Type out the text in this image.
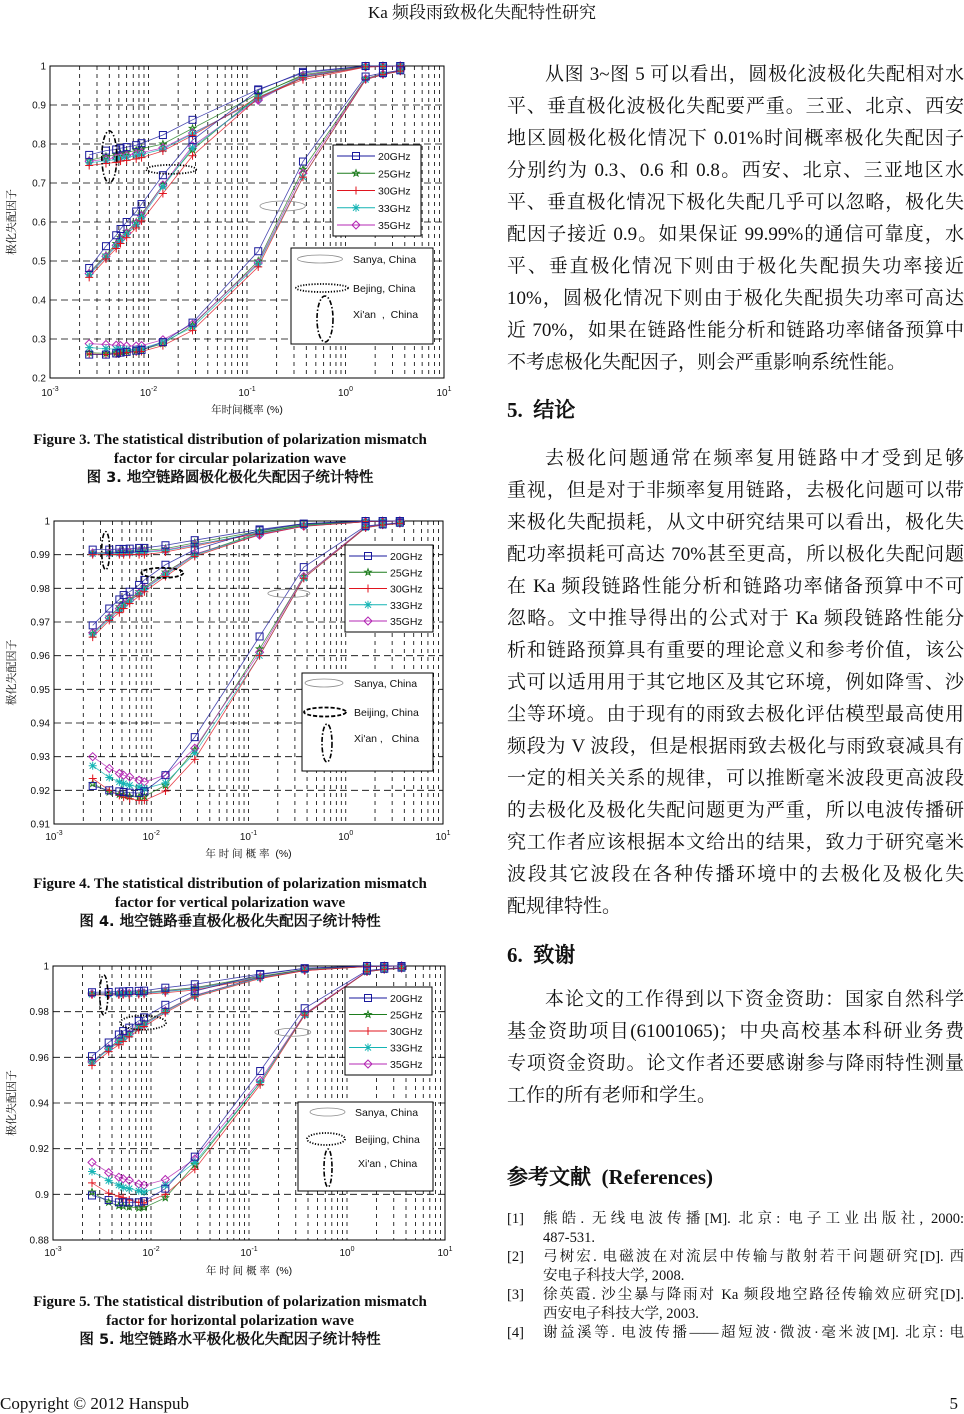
Ka 频段雨致极化失配特性研究
0.2
0.3
0.4
0.5
0.6
0.7
0.8
0.9
1
$10^{-3}$	$10^{-2}$	$10^{-1}$	$10^0$	$10^1$
年时间概率 (%)
极化失配因子
20GHz
25GHz
30GHz
33GHz
35GHz
Sanya, China
Bejing, China
Xi'an  ,  China
Figure 3. The statistical distribution of polarization mismatch
factor for circular polarization wave
图 3. 地空链路圆极化极化失配因子统计特性
0.91
0.92
0.93
0.94
0.95
0.96
0.97
0.98
0.99
1
$10^{-3}$	$10^{-2}$	$10^{-1}$	$10^0$	$10^1$
年 时 间 概 率  (%)
极化失配因子
20GHz
25GHz
30GHz
33GHz
35GHz
Sanya, China
Beijing, China
Xi'an ,   China
Figure 4. The statistical distribution of polarization mismatch
factor for vertical polarization wave
图 4. 地空链路垂直极化极化失配因子统计特性
0.88
0.9
0.92
0.94
0.96
0.98
1
$10^{-3}$	$10^{-2}$	$10^{-1}$	$10^0$	$10^1$
年 时 间 概 率  (%)
极化失配因子
20GHz
25GHz
30GHz
33GHz
35GHz
Sanya, China
Beijing, China
Xi'an , China
Figure 5. The statistical distribution of polarization mismatch
factor for horizontal polarization wave
图 5. 地空链路水平极化极化失配因子统计特性
从图 3~图 5 可以看出，圆极化波极化失配相对水
平、垂直极化波极化失配要严重。三亚、北京、西安
地区圆极化极化情况下 0.01%时间概率极化失配因子
分别约为 0.3、0.6 和 0.8。西安、北京、三亚地区水
平、垂直极化情况下极化失配几乎可以忽略，极化失
配因子接近 0.9。如果保证 99.99%的通信可靠度，水
平、垂直极化情况下则由于极化失配损失功率接近
10%，圆极化情况下则由于极化失配损失功率可高达
近 70%，如果在链路性能分析和链路功率储备预算中
不考虑极化失配因子，则会严重影响系统性能。
5.  结论
去极化问题通常在频率复用链路中才受到足够
重视，但是对于非频率复用链路，去极化问题可以带
来极化失配损耗，从文中研究结果可以看出，极化失
配功率损耗可高达 70%甚至更高，所以极化失配问题
在 Ka 频段链路性能分析和链路功率储备预算中不可
忽略。文中推导得出的公式对于 Ka 频段链路性能分
析和链路预算具有重要的理论意义和参考价值，该公
式可以适用用于其它地区及其它环境，例如降雪、沙
尘等环境。由于现有的雨致去极化评估模型最高使用
频段为 V 波段，但是根据雨致去极化与雨致衰减具有
一定的相关关系的规律，可以推断毫米波段更高波段
的去极化及极化失配问题更为严重，所以电波传播研
究工作者应该根据本文给出的结果，致力于研究毫米
波段其它波段在各种传播环境中的去极化及极化失
配规律特性。
6.  致谢
本论文的工作得到以下资金资助：国家自然科学
基金资助项目(61001065)；中央高校基本科研业务费
专项资金资助。论文作者还要感谢参与降雨特性测量
工作的所有老师和学生。
参考文献  (References)
[1] 熊皓. 无线电波传播[M]. 北京: 电子工业出版社, 2000:
487-531.
[2] 弓树宏. 电磁波在对流层中传输与散射若干问题研究[D]. 西
安电子科技大学, 2008.
[3] 徐英霞. 沙尘暴与降雨对 Ka 频段地空路径传输效应研究[D].
西安电子科技大学, 2003.
[4] 谢益溪等. 电波传播——超短波·微波·毫米波[M]. 北京: 电
Copyright © 2012 Hanspub	5
